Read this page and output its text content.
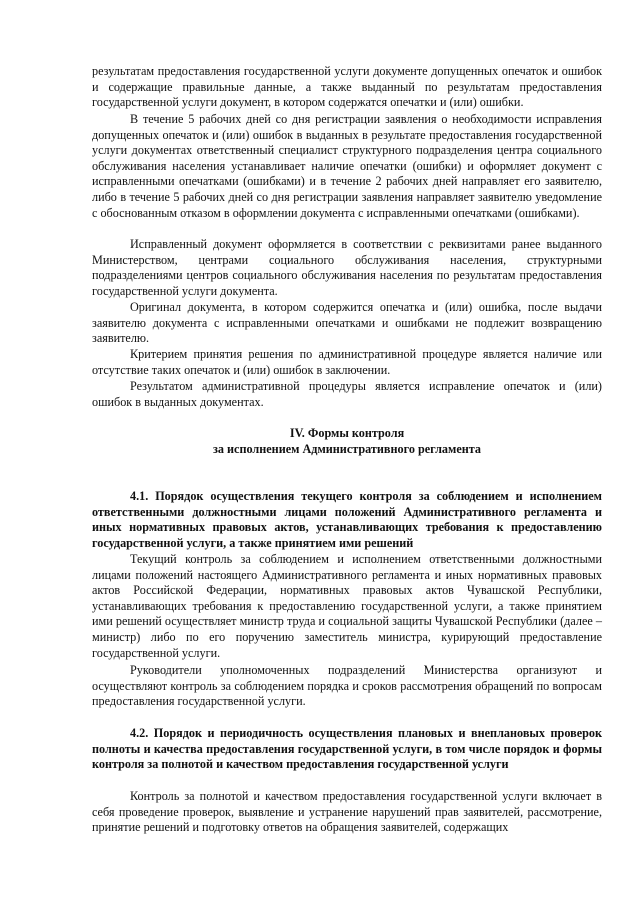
результатам предоставления государственной услуги документе допущенных опечаток и ошибок и содержащие правильные данные, а также выданный по результатам предоставления государственной услуги документ, в котором содержатся опечатки и (или) ошибки.

В течение 5 рабочих дней со дня регистрации заявления о необходимости исправления допущенных опечаток и (или) ошибок в выданных в результате предоставления государственной услуги документах ответственный специалист структурного подразделения центра социального обслуживания населения устанавливает наличие опечатки (ошибки) и оформляет документ с исправленными опечатками (ошибками) и в течение 2 рабочих дней направляет его заявителю, либо в течение 5 рабочих дней со дня регистрации заявления направляет заявителю уведомление с обоснованным отказом в оформлении документа с исправленными опечатками (ошибками).

Исправленный документ оформляется в соответствии с реквизитами ранее выданного Министерством, центрами социального обслуживания населения, структурными подразделениями центров социального обслуживания населения по результатам предоставления государственной услуги документа.

Оригинал документа, в котором содержится опечатка и (или) ошибка, после выдачи заявителю документа с исправленными опечатками и ошибками не подлежит возвращению заявителю.

Критерием принятия решения по административной процедуре является наличие или отсутствие таких опечаток и (или) ошибок в заключении.

Результатом административной процедуры является исправление опечаток и (или) ошибок в выданных документах.

IV. Формы контроля

за исполнением Административного регламента

4.1. Порядок осуществления текущего контроля за соблюдением и исполнением ответственными должностными лицами положений Административного регламента и иных нормативных правовых актов, устанавливающих требования к предоставлению государственной услуги, а также принятием ими решений

Текущий контроль за соблюдением и исполнением ответственными должностными лицами положений настоящего Административного регламента и иных нормативных правовых актов Российской Федерации, нормативных правовых актов Чувашской Республики, устанавливающих требования к предоставлению государственной услуги, а также принятием ими решений осуществляет министр труда и социальной защиты Чувашской Республики (далее – министр) либо по его поручению заместитель министра, курирующий предоставление государственной услуги.

Руководители уполномоченных подразделений Министерства организуют и осуществляют контроль за соблюдением порядка и сроков рассмотрения обращений по вопросам предоставления государственной услуги.

4.2. Порядок и периодичность осуществления плановых и внеплановых проверок полноты и качества предоставления государственной услуги, в том числе порядок и формы контроля за полнотой и качеством предоставления государственной услуги

Контроль за полнотой и качеством предоставления государственной услуги включает в себя проведение проверок, выявление и устранение нарушений прав заявителей, рассмотрение, принятие решений и подготовку ответов на обращения заявителей, содержащих
